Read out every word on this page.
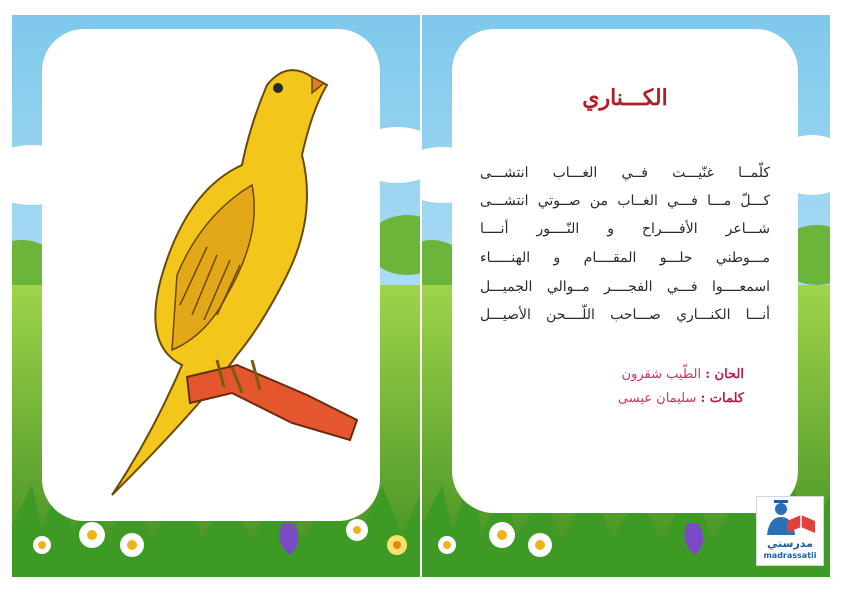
الكـــناري
كلّمــا غنّيـــت فــي الغـــاب انتشـــى
كـــلّ مـــا فـــي الغــاب من صــوتي انتشـــى
شـــاعر الأفــــراح و النّــــور أنــــا
مـــوطني حلـــو المقــــام و الهنـــــاء
اسمعــــوا فـــي الفجــــر مــوالي الجميـــل
أنـــا الكنـــاري صـــاحب اللّــــحن الأصيـــل
الحان : الطّيب شقرون
كلمات : سليمان عيسى
مدرستي
madrassatii
